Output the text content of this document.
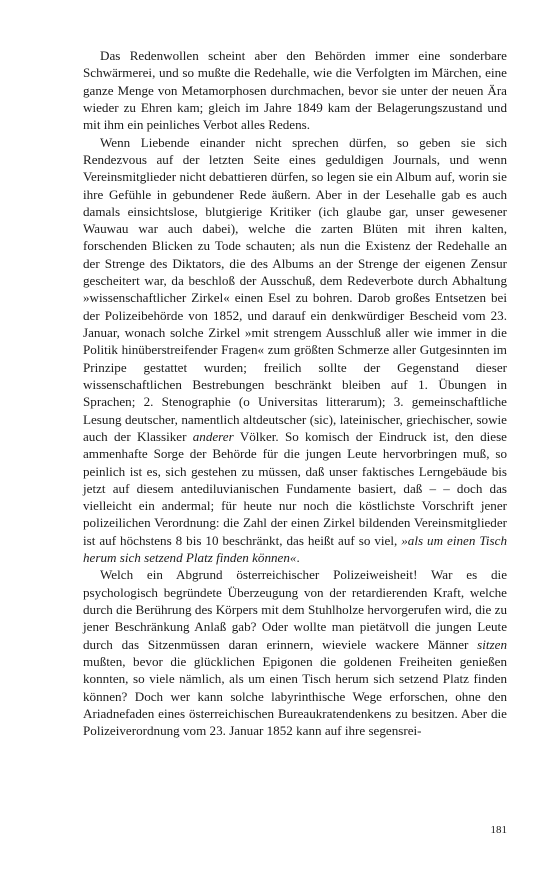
Das Redenwollen scheint aber den Behörden immer eine sonderbare Schwärmerei, und so mußte die Redehalle, wie die Verfolgten im Märchen, eine ganze Menge von Metamorphosen durchmachen, bevor sie unter der neuen Ära wieder zu Ehren kam; gleich im Jahre 1849 kam der Belagerungszustand und mit ihm ein peinliches Verbot alles Redens.

Wenn Liebende einander nicht sprechen dürfen, so geben sie sich Rendezvous auf der letzten Seite eines geduldigen Journals, und wenn Vereinsmitglieder nicht debattieren dürfen, so legen sie ein Album auf, worin sie ihre Gefühle in gebundener Rede äußern. Aber in der Lesehalle gab es auch damals einsichtslose, blutgierige Kritiker (ich glaube gar, unser gewesener Wauwau war auch dabei), welche die zarten Blüten mit ihren kalten, forschenden Blicken zu Tode schauten; als nun die Existenz der Redehalle an der Strenge des Diktators, die des Albums an der Strenge der eigenen Zensur gescheitert war, da beschloß der Ausschuß, dem Redeverbote durch Abhaltung »wissenschaftlicher Zirkel« einen Esel zu bohren. Darob großes Entsetzen bei der Polizeibehörde von 1852, und darauf ein denkwürdiger Bescheid vom 23. Januar, wonach solche Zirkel »mit strengem Ausschluß aller wie immer in die Politik hinüberstreifender Fragen« zum größten Schmerze aller Gutgesinnten im Prinzipe gestattet wurden; freilich sollte der Gegenstand dieser wissenschaftlichen Bestrebungen beschränkt bleiben auf 1. Übungen in Sprachen; 2. Stenographie (o Universitas litterarum); 3. gemeinschaftliche Lesung deutscher, namentlich altdeutscher (sic), lateinischer, griechischer, sowie auch der Klassiker anderer Völker. So komisch der Eindruck ist, den diese ammenhafte Sorge der Behörde für die jungen Leute hervorbringen muß, so peinlich ist es, sich gestehen zu müssen, daß unser faktisches Lerngebäude bis jetzt auf diesem antediluvianischen Fundamente basiert, daß – – doch das vielleicht ein andermal; für heute nur noch die köstlichste Vorschrift jener polizeilichen Verordnung: die Zahl der einen Zirkel bildenden Vereinsmitglieder ist auf höchstens 8 bis 10 beschränkt, das heißt auf so viel, »als um einen Tisch herum sich setzend Platz finden können«.

Welch ein Abgrund österreichischer Polizeiweisheit! War es die psychologisch begründete Überzeugung von der retardierenden Kraft, welche durch die Berührung des Körpers mit dem Stuhlholze hervorgerufen wird, die zu jener Beschränkung Anlaß gab? Oder wollte man pietätvoll die jungen Leute durch das Sitzenmüssen daran erinnern, wieviele wackere Männer sitzen mußten, bevor die glücklichen Epigonen die goldenen Freiheiten genießen konnten, so viele nämlich, als um einen Tisch herum sich setzend Platz finden können? Doch wer kann solche labyrinthische Wege erforschen, ohne den Ariadnefaden eines österreichischen Bureaukratendenkens zu besitzen. Aber die Polizeiverordnung vom 23. Januar 1852 kann auf ihre segensrei-

181
